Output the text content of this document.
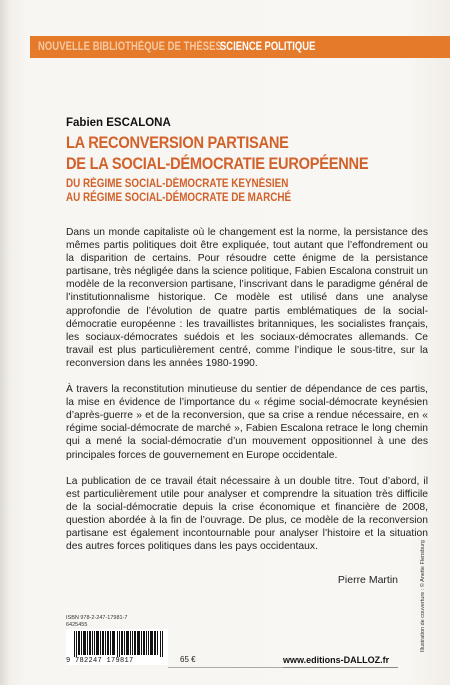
NOUVELLE BIBLIOTHÈQUE DE THÈSES
SCIENCE POLITIQUE
Fabien ESCALONA
LA RECONVERSION PARTISANE
DE LA SOCIAL-DÉMOCRATIE EUROPÉENNE
DU RÉGIME SOCIAL-DÉMOCRATE KEYNÉSIEN
AU RÉGIME SOCIAL-DÉMOCRATE DE MARCHÉ

Dans un monde capitaliste où le changement est la norme, la persistance des mêmes partis politiques doit être expliquée, tout autant que l’effondrement ou la disparition de certains. Pour résoudre cette énigme de la persistance partisane, très négligée dans la science politique, Fabien Escalona construit un modèle de la reconversion partisane, l’inscrivant dans le paradigme général de l’institutionnalisme historique. Ce modèle est utilisé dans une analyse approfondie de l’évolution de quatre partis emblématiques de la social-démocratie européenne : les travaillistes britanniques, les socialistes français, les sociaux-démocrates suédois et les sociaux-démocrates allemands. Ce travail est plus particulièrement centré, comme l’indique le sous-titre, sur la reconversion dans les années 1980-1990.

À travers la reconstitution minutieuse du sentier de dépendance de ces partis, la mise en évidence de l’importance du « régime social-démocrate keynésien d’après-guerre » et de la reconversion, que sa crise a rendue nécessaire, en « régime social-démocrate de marché », Fabien Escalona retrace le long chemin qui a mené la social-démocratie d’un mouvement oppositionnel à une des principales forces de gouvernement en Europe occidentale.

La publication de ce travail était nécessaire à un double titre. Tout d’abord, il est particulièrement utile pour analyser et comprendre la situation très difficile de la social-démocratie depuis la crise économique et financière de 2008, question abordée à la fin de l’ouvrage. De plus, ce modèle de la reconversion partisane est également incontournable pour analyser l’histoire et la situation des autres forces politiques dans les pays occidentaux.

Pierre Martin	Illustration de couverture : © Anette Flensburg
ISBN 978-2-247-17981-7
6425455
9 782247 179817	65 €	www.editions-DALLOZ.fr
